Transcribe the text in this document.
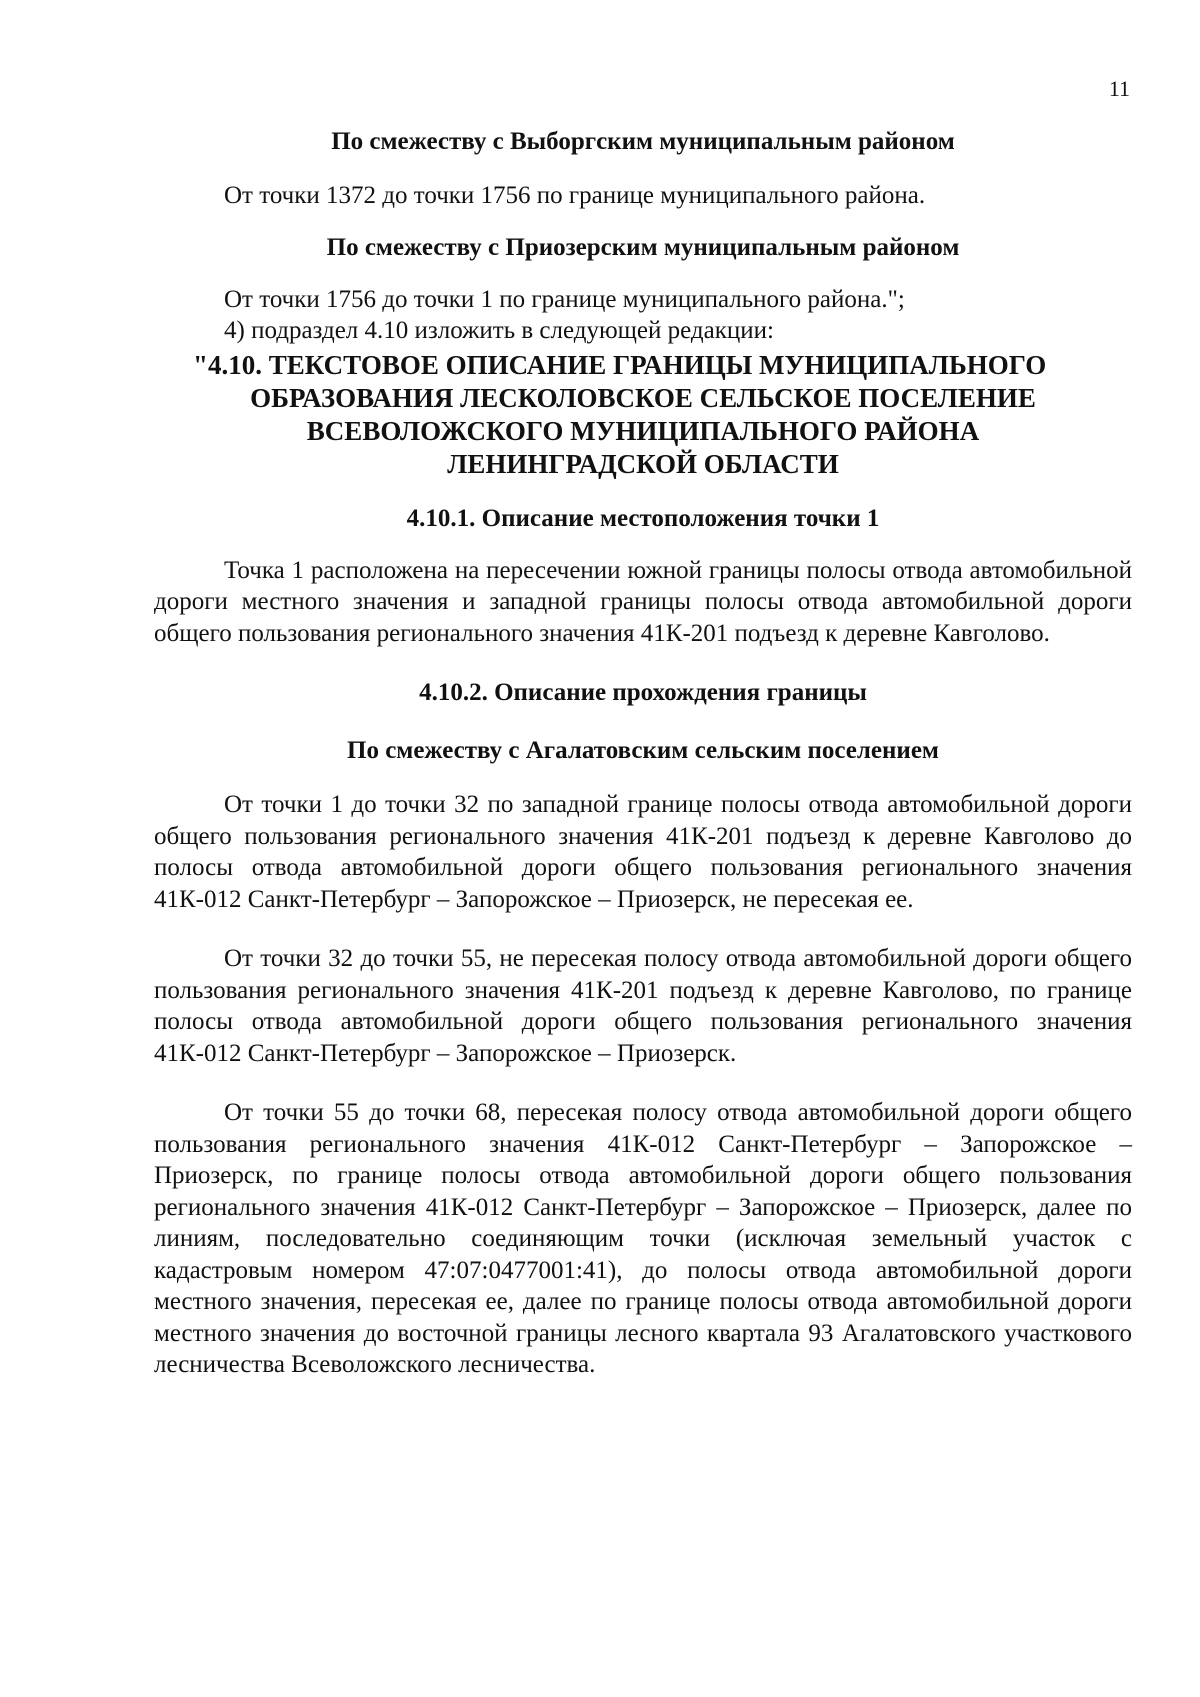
11
По смежеству с Выборгским муниципальным районом
От точки 1372 до точки 1756 по границе муниципального района.
По смежеству с Приозерским муниципальным районом
От точки 1756 до точки 1 по границе муниципального района.";
4) подраздел 4.10 изложить в следующей редакции:
"4.10. ТЕКСТОВОЕ ОПИСАНИЕ ГРАНИЦЫ МУНИЦИПАЛЬНОГО
ОБРАЗОВАНИЯ ЛЕСКОЛОВСКОЕ СЕЛЬСКОЕ ПОСЕЛЕНИЕ
ВСЕВОЛОЖСКОГО МУНИЦИПАЛЬНОГО РАЙОНА
ЛЕНИНГРАДСКОЙ ОБЛАСТИ
4.10.1. Описание местоположения точки 1
Точка 1 расположена на пересечении южной границы полосы отвода автомобильной дороги местного значения и западной границы полосы отвода автомобильной дороги общего пользования регионального значения 41К-201 подъезд к деревне Кавголово.
4.10.2. Описание прохождения границы
По смежеству с Агалатовским сельским поселением
От точки 1 до точки 32 по западной границе полосы отвода автомобильной дороги общего пользования регионального значения 41К-201 подъезд к деревне Кавголово до полосы отвода автомобильной дороги общего пользования регионального значения 41К-012 Санкт-Петербург – Запорожское – Приозерск, не пересекая ее.
От точки 32 до точки 55, не пересекая полосу отвода автомобильной дороги общего пользования регионального значения 41К-201 подъезд к деревне Кавголово, по границе полосы отвода автомобильной дороги общего пользования регионального значения 41К-012 Санкт-Петербург – Запорожское – Приозерск.
От точки 55 до точки 68, пересекая полосу отвода автомобильной дороги общего пользования регионального значения 41К-012 Санкт-Петербург – Запорожское – Приозерск, по границе полосы отвода автомобильной дороги общего пользования регионального значения 41К-012 Санкт-Петербург – Запорожское – Приозерск, далее по линиям, последовательно соединяющим точки (исключая земельный участок с кадастровым номером 47:07:0477001:41), до полосы отвода автомобильной дороги местного значения, пересекая ее, далее по границе полосы отвода автомобильной дороги местного значения до восточной границы лесного квартала 93 Агалатовского участкового лесничества Всеволожского лесничества.
